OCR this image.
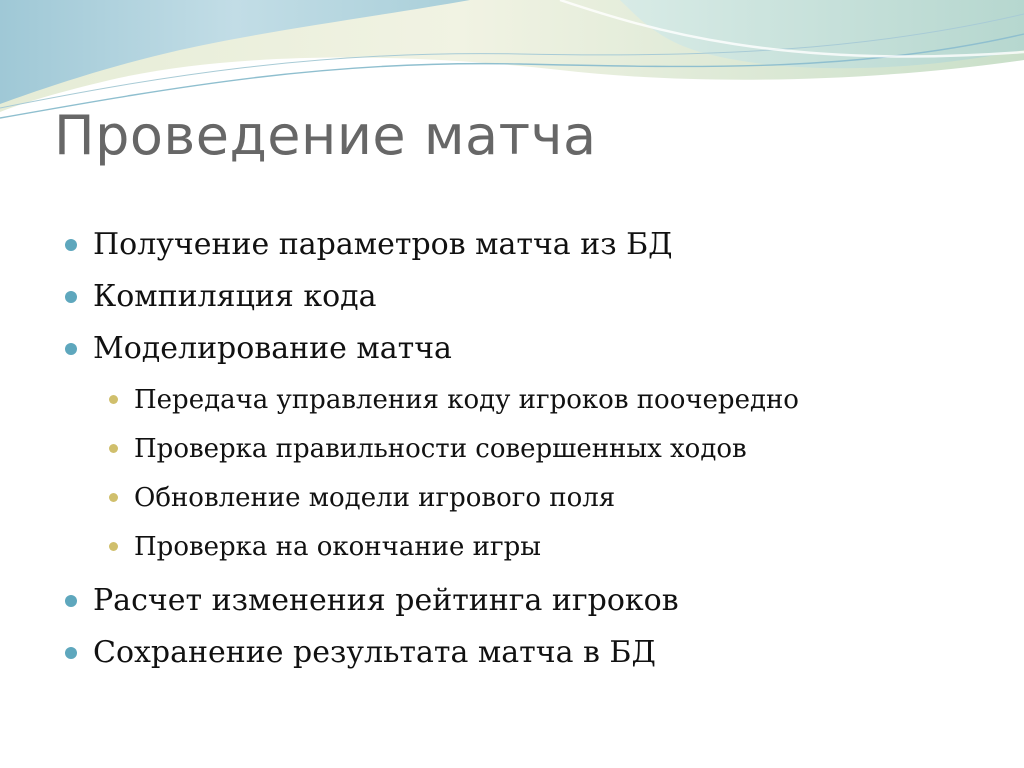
Проведение матча
Получение параметров матча из БД
Компиляция кода
Моделирование матча
Передача управления коду игроков поочередно
Проверка правильности совершенных ходов
Обновление модели игрового поля
Проверка на окончание игры
Расчет изменения рейтинга игроков
Сохранение результата матча в БД
